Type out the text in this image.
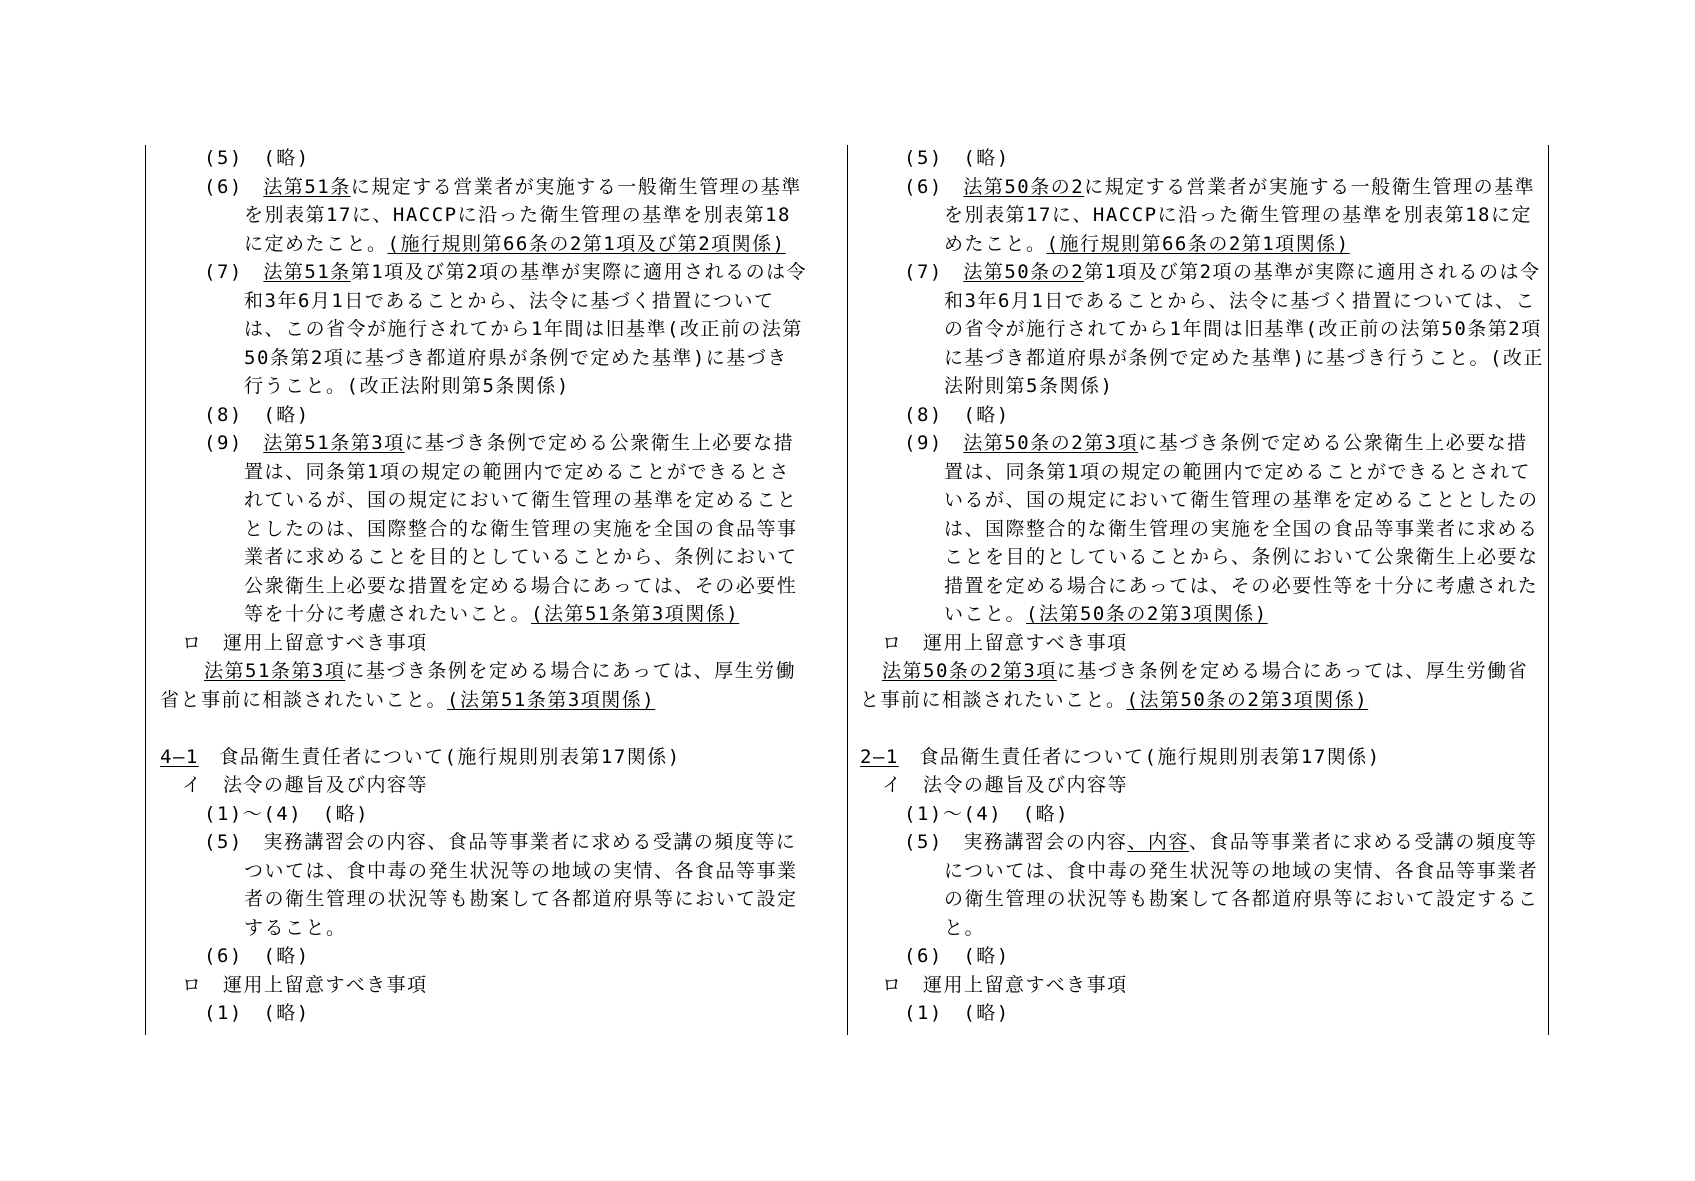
(5)　(略)

(6)　法第51条に規定する営業者が実施する一般衛生管理の基準を別表第17に、HACCPに沿った衛生管理の基準を別表第18に定めたこと。(施行規則第66条の2第1項及び第2項関係)

(7)　法第51条第1項及び第2項の基準が実際に適用されるのは令和3年6月1日であることから、法令に基づく措置については、この省令が施行されてから1年間は旧基準(改正前の法第50条第2項に基づき都道府県が条例で定めた基準)に基づき行うこと。(改正法附則第5条関係)

(8)　(略)

(9)　法第51条第3項に基づき条例で定める公衆衛生上必要な措置は、同条第1項の規定の範囲内で定めることができるとされているが、国の規定において衛生管理の基準を定めることとしたのは、国際整合的な衛生管理の実施を全国の食品等事業者に求めることを目的としていることから、条例において公衆衛生上必要な措置を定める場合にあっては、その必要性等を十分に考慮されたいこと。(法第51条第3項関係)

ロ　運用上留意すべき事項

法第51条第3項に基づき条例を定める場合にあっては、厚生労働省と事前に相談されたいこと。(法第51条第3項関係)

4―1　食品衛生責任者について(施行規則別表第17関係)

イ　法令の趣旨及び内容等

(1)～(4)　(略)

(5)　実務講習会の内容、食品等事業者に求める受講の頻度等については、食中毒の発生状況等の地域の実情、各食品等事業者の衛生管理の状況等も勘案して各都道府県等において設定すること。

(6)　(略)

ロ　運用上留意すべき事項

(1)　(略)

(5)　(略)

(6)　法第50条の2に規定する営業者が実施する一般衛生管理の基準を別表第17に、HACCPに沿った衛生管理の基準を別表第18に定めたこと。(施行規則第66条の2第1項関係)

(7)　法第50条の2第1項及び第2項の基準が実際に適用されるのは令和3年6月1日であることから、法令に基づく措置については、この省令が施行されてから1年間は旧基準(改正前の法第50条第2項に基づき都道府県が条例で定めた基準)に基づき行うこと。(改正法附則第5条関係)

(8)　(略)

(9)　法第50条の2第3項に基づき条例で定める公衆衛生上必要な措置は、同条第1項の規定の範囲内で定めることができるとされているが、国の規定において衛生管理の基準を定めることとしたのは、国際整合的な衛生管理の実施を全国の食品等事業者に求めることを目的としていることから、条例において公衆衛生上必要な措置を定める場合にあっては、その必要性等を十分に考慮されたいこと。(法第50条の2第3項関係)

ロ　運用上留意すべき事項

法第50条の2第3項に基づき条例を定める場合にあっては、厚生労働省と事前に相談されたいこと。(法第50条の2第3項関係)

2―1　食品衛生責任者について(施行規則別表第17関係)

イ　法令の趣旨及び内容等

(1)～(4)　(略)

(5)　実務講習会の内容、内容、食品等事業者に求める受講の頻度等については、食中毒の発生状況等の地域の実情、各食品等事業者の衛生管理の状況等も勘案して各都道府県等において設定すること。

(6)　(略)

ロ　運用上留意すべき事項

(1)　(略)
